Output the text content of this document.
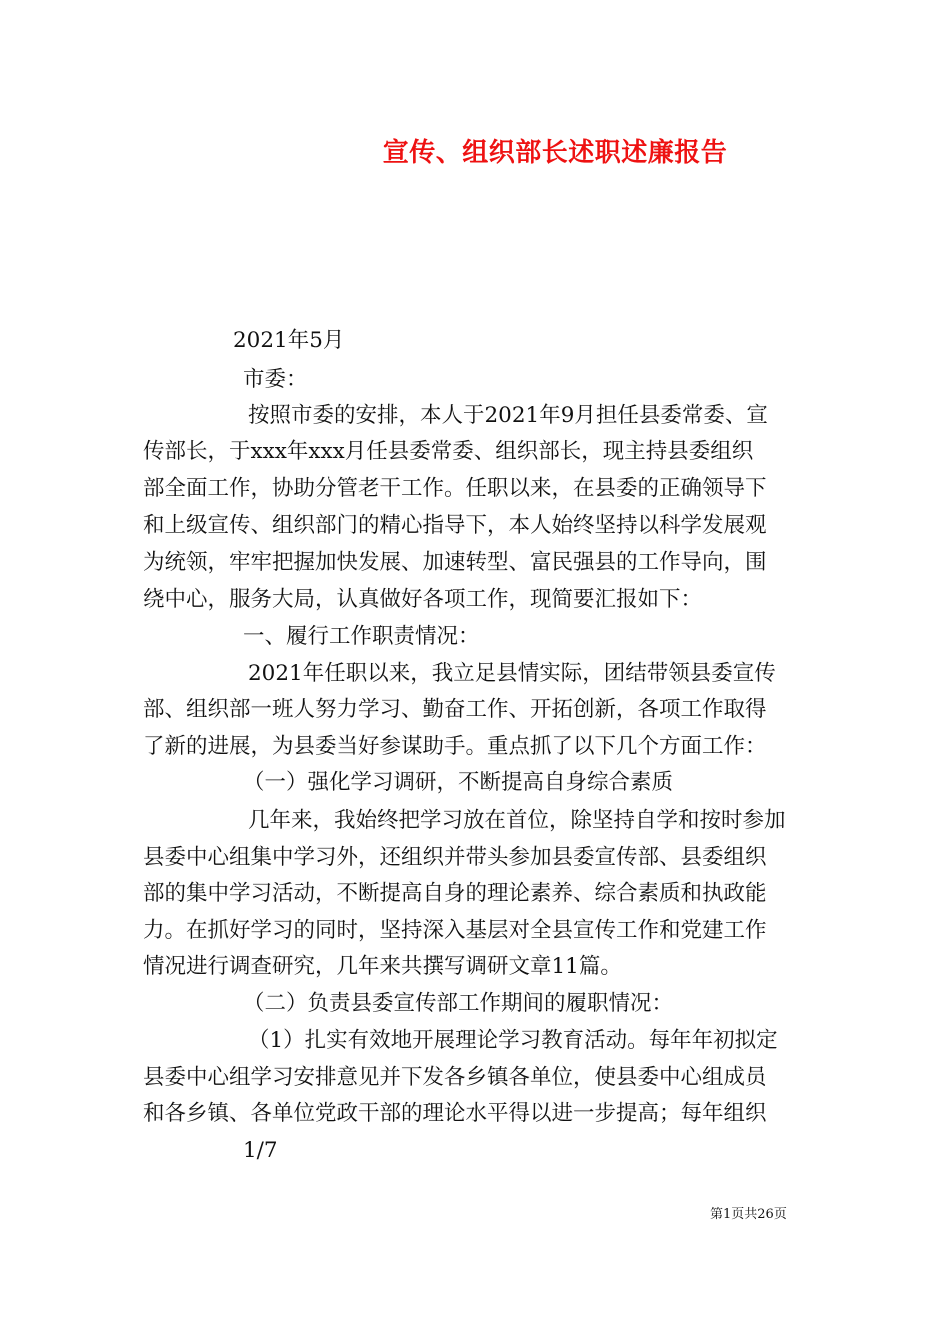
宣传、组织部长述职述廉报告
2021年5月
市委：
按照市委的安排，本人于2021年9月担任县委常委、宣
传部长，于xxx年xxx月任县委常委、组织部长，现主持县委组织
部全面工作，协助分管老干工作。任职以来，在县委的正确领导下
和上级宣传、组织部门的精心指导下，本人始终坚持以科学发展观
为统领，牢牢把握加快发展、加速转型、富民强县的工作导向，围
绕中心，服务大局，认真做好各项工作，现简要汇报如下：
一、履行工作职责情况：
2021年任职以来，我立足县情实际，团结带领县委宣传
部、组织部一班人努力学习、勤奋工作、开拓创新，各项工作取得
了新的进展，为县委当好参谋助手。重点抓了以下几个方面工作：
（一）强化学习调研，不断提高自身综合素质
几年来，我始终把学习放在首位，除坚持自学和按时参加
县委中心组集中学习外，还组织并带头参加县委宣传部、县委组织
部的集中学习活动，不断提高自身的理论素养、综合素质和执政能
力。在抓好学习的同时，坚持深入基层对全县宣传工作和党建工作
情况进行调查研究，几年来共撰写调研文章11篇。
（二）负责县委宣传部工作期间的履职情况：
（1）扎实有效地开展理论学习教育活动。每年年初拟定
县委中心组学习安排意见并下发各乡镇各单位，使县委中心组成员
和各乡镇、各单位党政干部的理论水平得以进一步提高；每年组织
1/7
第1页共26页
